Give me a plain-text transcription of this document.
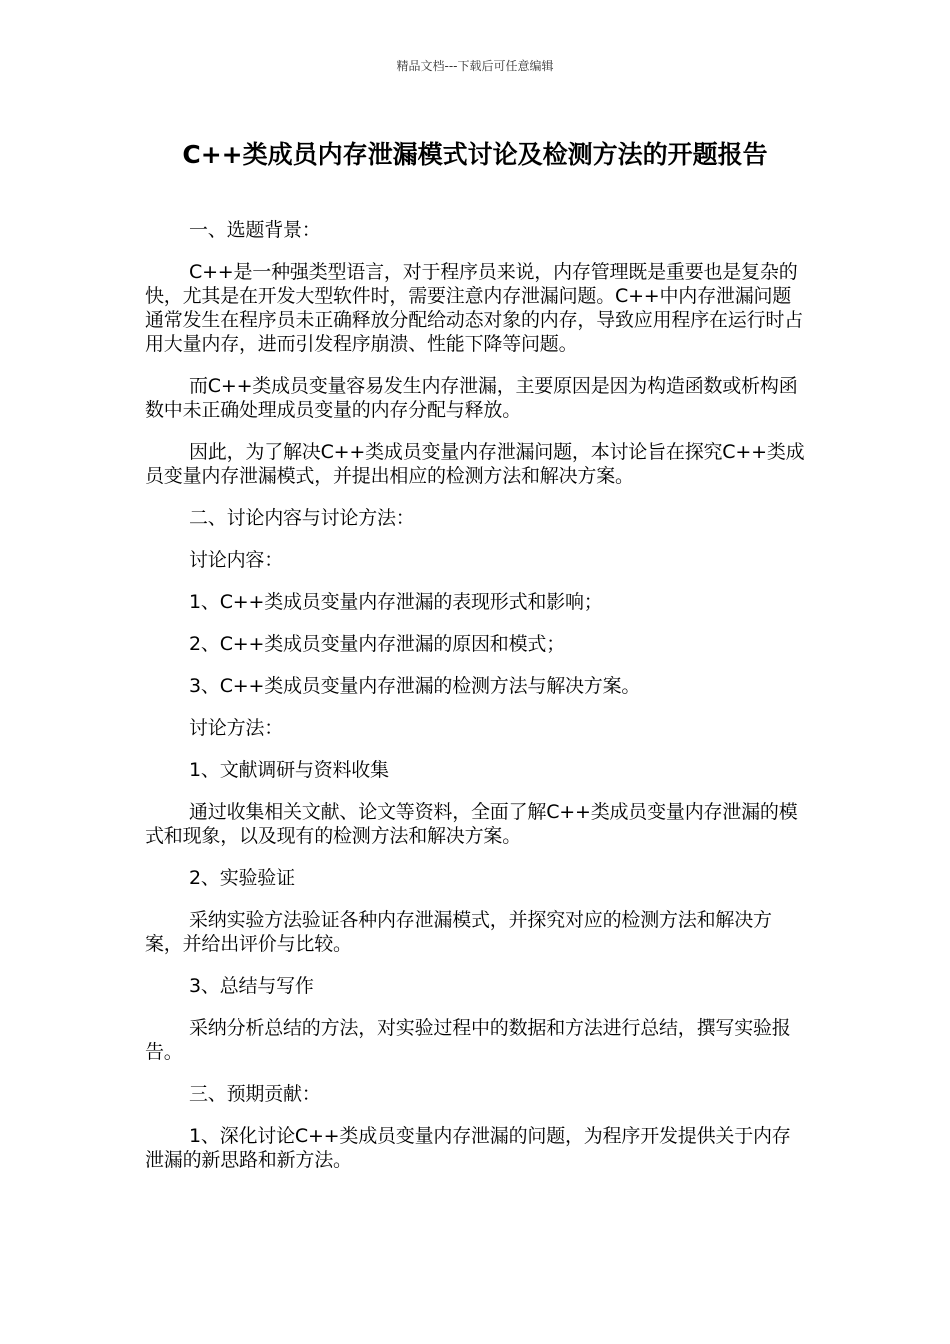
精品文档---下载后可任意编辑
C++类成员内存泄漏模式讨论及检测方法的开题报告

一、选题背景：

C++是一种强类型语言，对于程序员来说，内存管理既是重要也是复杂的快，尤其是在开发大型软件时，需要注意内存泄漏问题。C++中内存泄漏问题通常发生在程序员未正确释放分配给动态对象的内存，导致应用程序在运行时占用大量内存，进而引发程序崩溃、性能下降等问题。

而C++类成员变量容易发生内存泄漏，主要原因是因为构造函数或析构函数中未正确处理成员变量的内存分配与释放。

因此，为了解决C++类成员变量内存泄漏问题，本讨论旨在探究C++类成员变量内存泄漏模式，并提出相应的检测方法和解决方案。

二、讨论内容与讨论方法：

讨论内容：

1、C++类成员变量内存泄漏的表现形式和影响；

2、C++类成员变量内存泄漏的原因和模式；

3、C++类成员变量内存泄漏的检测方法与解决方案。

讨论方法：

1、文献调研与资料收集

通过收集相关文献、论文等资料，全面了解C++类成员变量内存泄漏的模式和现象，以及现有的检测方法和解决方案。

2、实验验证

采纳实验方法验证各种内存泄漏模式，并探究对应的检测方法和解决方案，并给出评价与比较。

3、总结与写作

采纳分析总结的方法，对实验过程中的数据和方法进行总结，撰写实验报告。

三、预期贡献：

1、深化讨论C++类成员变量内存泄漏的问题，为程序开发提供关于内存泄漏的新思路和新方法。
